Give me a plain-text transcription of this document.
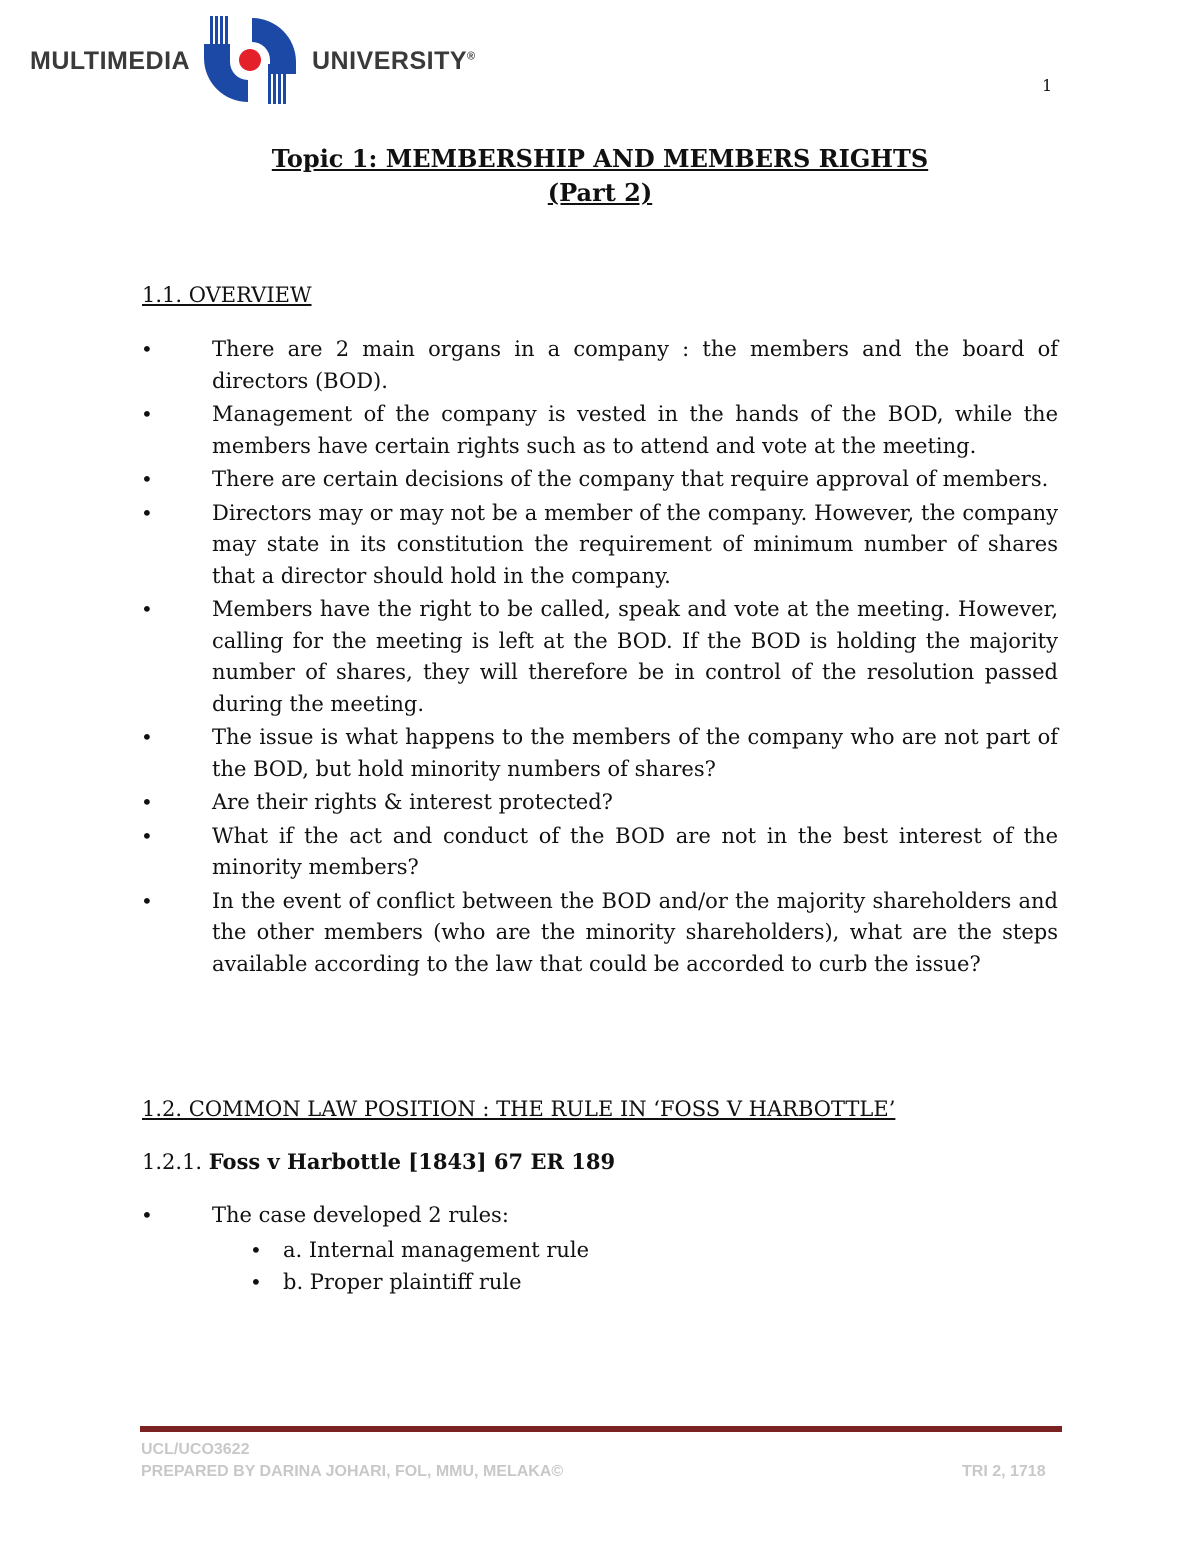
MULTIMEDIA	UNIVERSITY®
1
Topic 1: MEMBERSHIP AND MEMBERS RIGHTS
(Part 2)
1.1. OVERVIEW
• There are 2 main organs in a company : the members and the board of directors (BOD).
• Management of the company is vested in the hands of the BOD, while the members have certain rights such as to attend and vote at the meeting.
• There are certain decisions of the company that require approval of members.
• Directors may or may not be a member of the company. However, the company may state in its constitution the requirement of minimum number of shares that a director should hold in the company.
• Members have the right to be called, speak and vote at the meeting. However, calling for the meeting is left at the BOD. If the BOD is holding the majority number of shares, they will therefore be in control of the resolution passed during the meeting.
• The issue is what happens to the members of the company who are not part of the BOD, but hold minority numbers of shares?
• Are their rights & interest protected?
• What if the act and conduct of the BOD are not in the best interest of the minority members?
• In the event of conflict between the BOD and/or the majority shareholders and the other members (who are the minority shareholders), what are the steps available according to the law that could be accorded to curb the issue?
1.2. COMMON LAW POSITION : THE RULE IN ‘FOSS V HARBOTTLE’
1.2.1. Foss v Harbottle [1843] 67 ER 189
• The case developed 2 rules:
• a. Internal management rule
• b. Proper plaintiff rule
UCL/UCO3622
PREPARED BY DARINA JOHARI, FOL, MMU, MELAKA©	TRI 2, 1718
